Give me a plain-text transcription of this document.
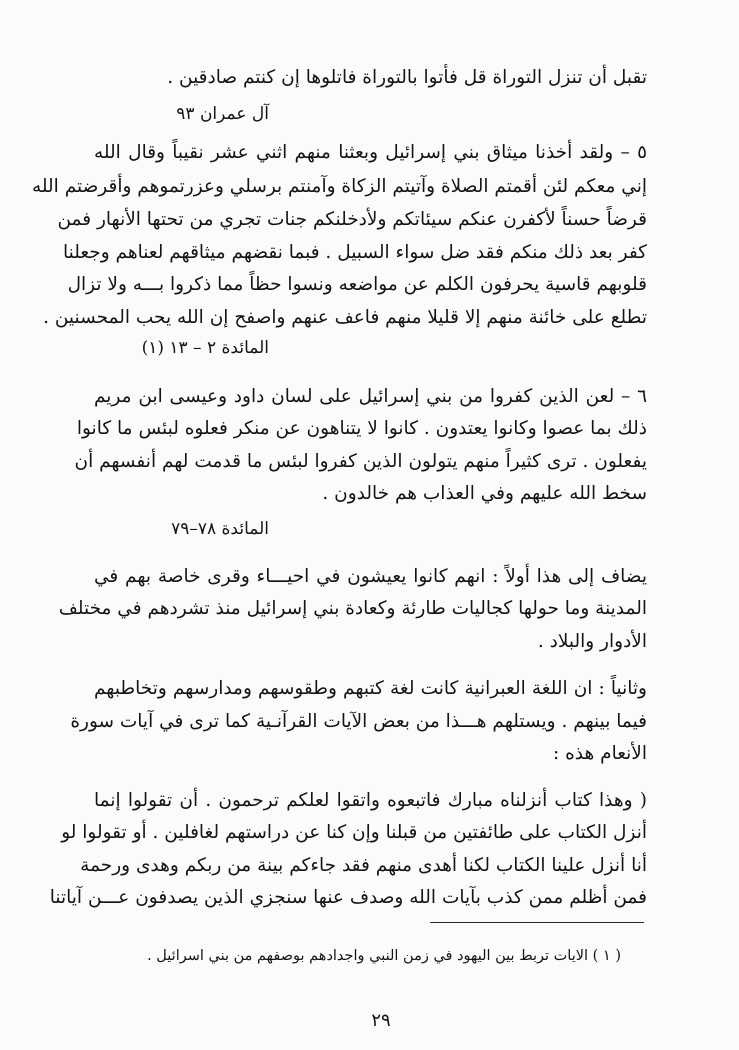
تقبل أن تنزل التوراة قل فأتوا بالتوراة فاتلوها إن كنتم صادقين .

آل عمران ٩٣

٥ – ولقد أخذنا ميثاق بني إسرائيل وبعثنا منهم اثني عشر نقيباً وقال الله

إني معكم لئن أقمتم الصلاة وآتيتم الزكاة وآمنتم برسلي وعزرتموهم وأقرضتم الله

قرضاً حسناً لأكفرن عنكم سيئاتكم ولأدخلنكم جنات تجري من تحتها الأنهار فمن

كفر بعد ذلك منكم فقد ضل سواء السبيل . فبما نقضهم ميثاقهم لعناهم وجعلنا

قلوبهم قاسية يحرفون الكلم عن مواضعه ونسوا حظاً مما ذكروا بـــه ولا تزال

تطلع على خائنة منهم إلا قليلا منهم فاعف عنهم واصفح إن الله يحب المحسنين .

المائدة ٢ – ١٣ (١)

٦ – لعن الذين كفروا من بني إسرائيل على لسان داود وعيسى ابن مريم

ذلك بما عصوا وكانوا يعتدون . كانوا لا يتناهون عن منكر فعلوه لبئس ما كانوا

يفعلون . ترى كثيراً منهم يتولون الذين كفروا لبئس ما قدمت لهم أنفسهم أن

سخط الله عليهم وفي العذاب هم خالدون .

المائدة ٧٨–٧٩

يضاف إلى هذا أولاً : انهم كانوا يعيشون في احيـــاء وقرى خاصة بهم في

المدينة وما حولها كجاليات طارئة وكعادة بني إسرائيل منذ تشردهم في مختلف

الأدوار والبلاد .

وثانياً : ان اللغة العبرانية كانت لغة كتبهم وطقوسهم ومدارسهم وتخاطبهم

فيما بينهم . ويستلهم هـــذا من بعض الآيات القرآنـية كما ترى في آيات سورة

الأنعام هذه :

( وهذا كتاب أنزلناه مبارك فاتبعوه واتقوا لعلكم ترحمون . أن تقولوا إنما

أنزل الكتاب على طائفتين من قبلنا وإن كنا عن دراستهم لغافلين . أو تقولوا لو

أنا أنزل علينا الكتاب لكنا أهدى منهم فقد جاءكم بينة من ربكم وهدى ورحمة

فمن أظلم ممن كذب بآيات الله وصدف عنها سنجزي الذين يصدفون عـــن آياتنا

( ١ ) الايات تربط بين اليهود في زمن النبي واجدادهم بوصفهم من بني اسرائيل .
٢٩
